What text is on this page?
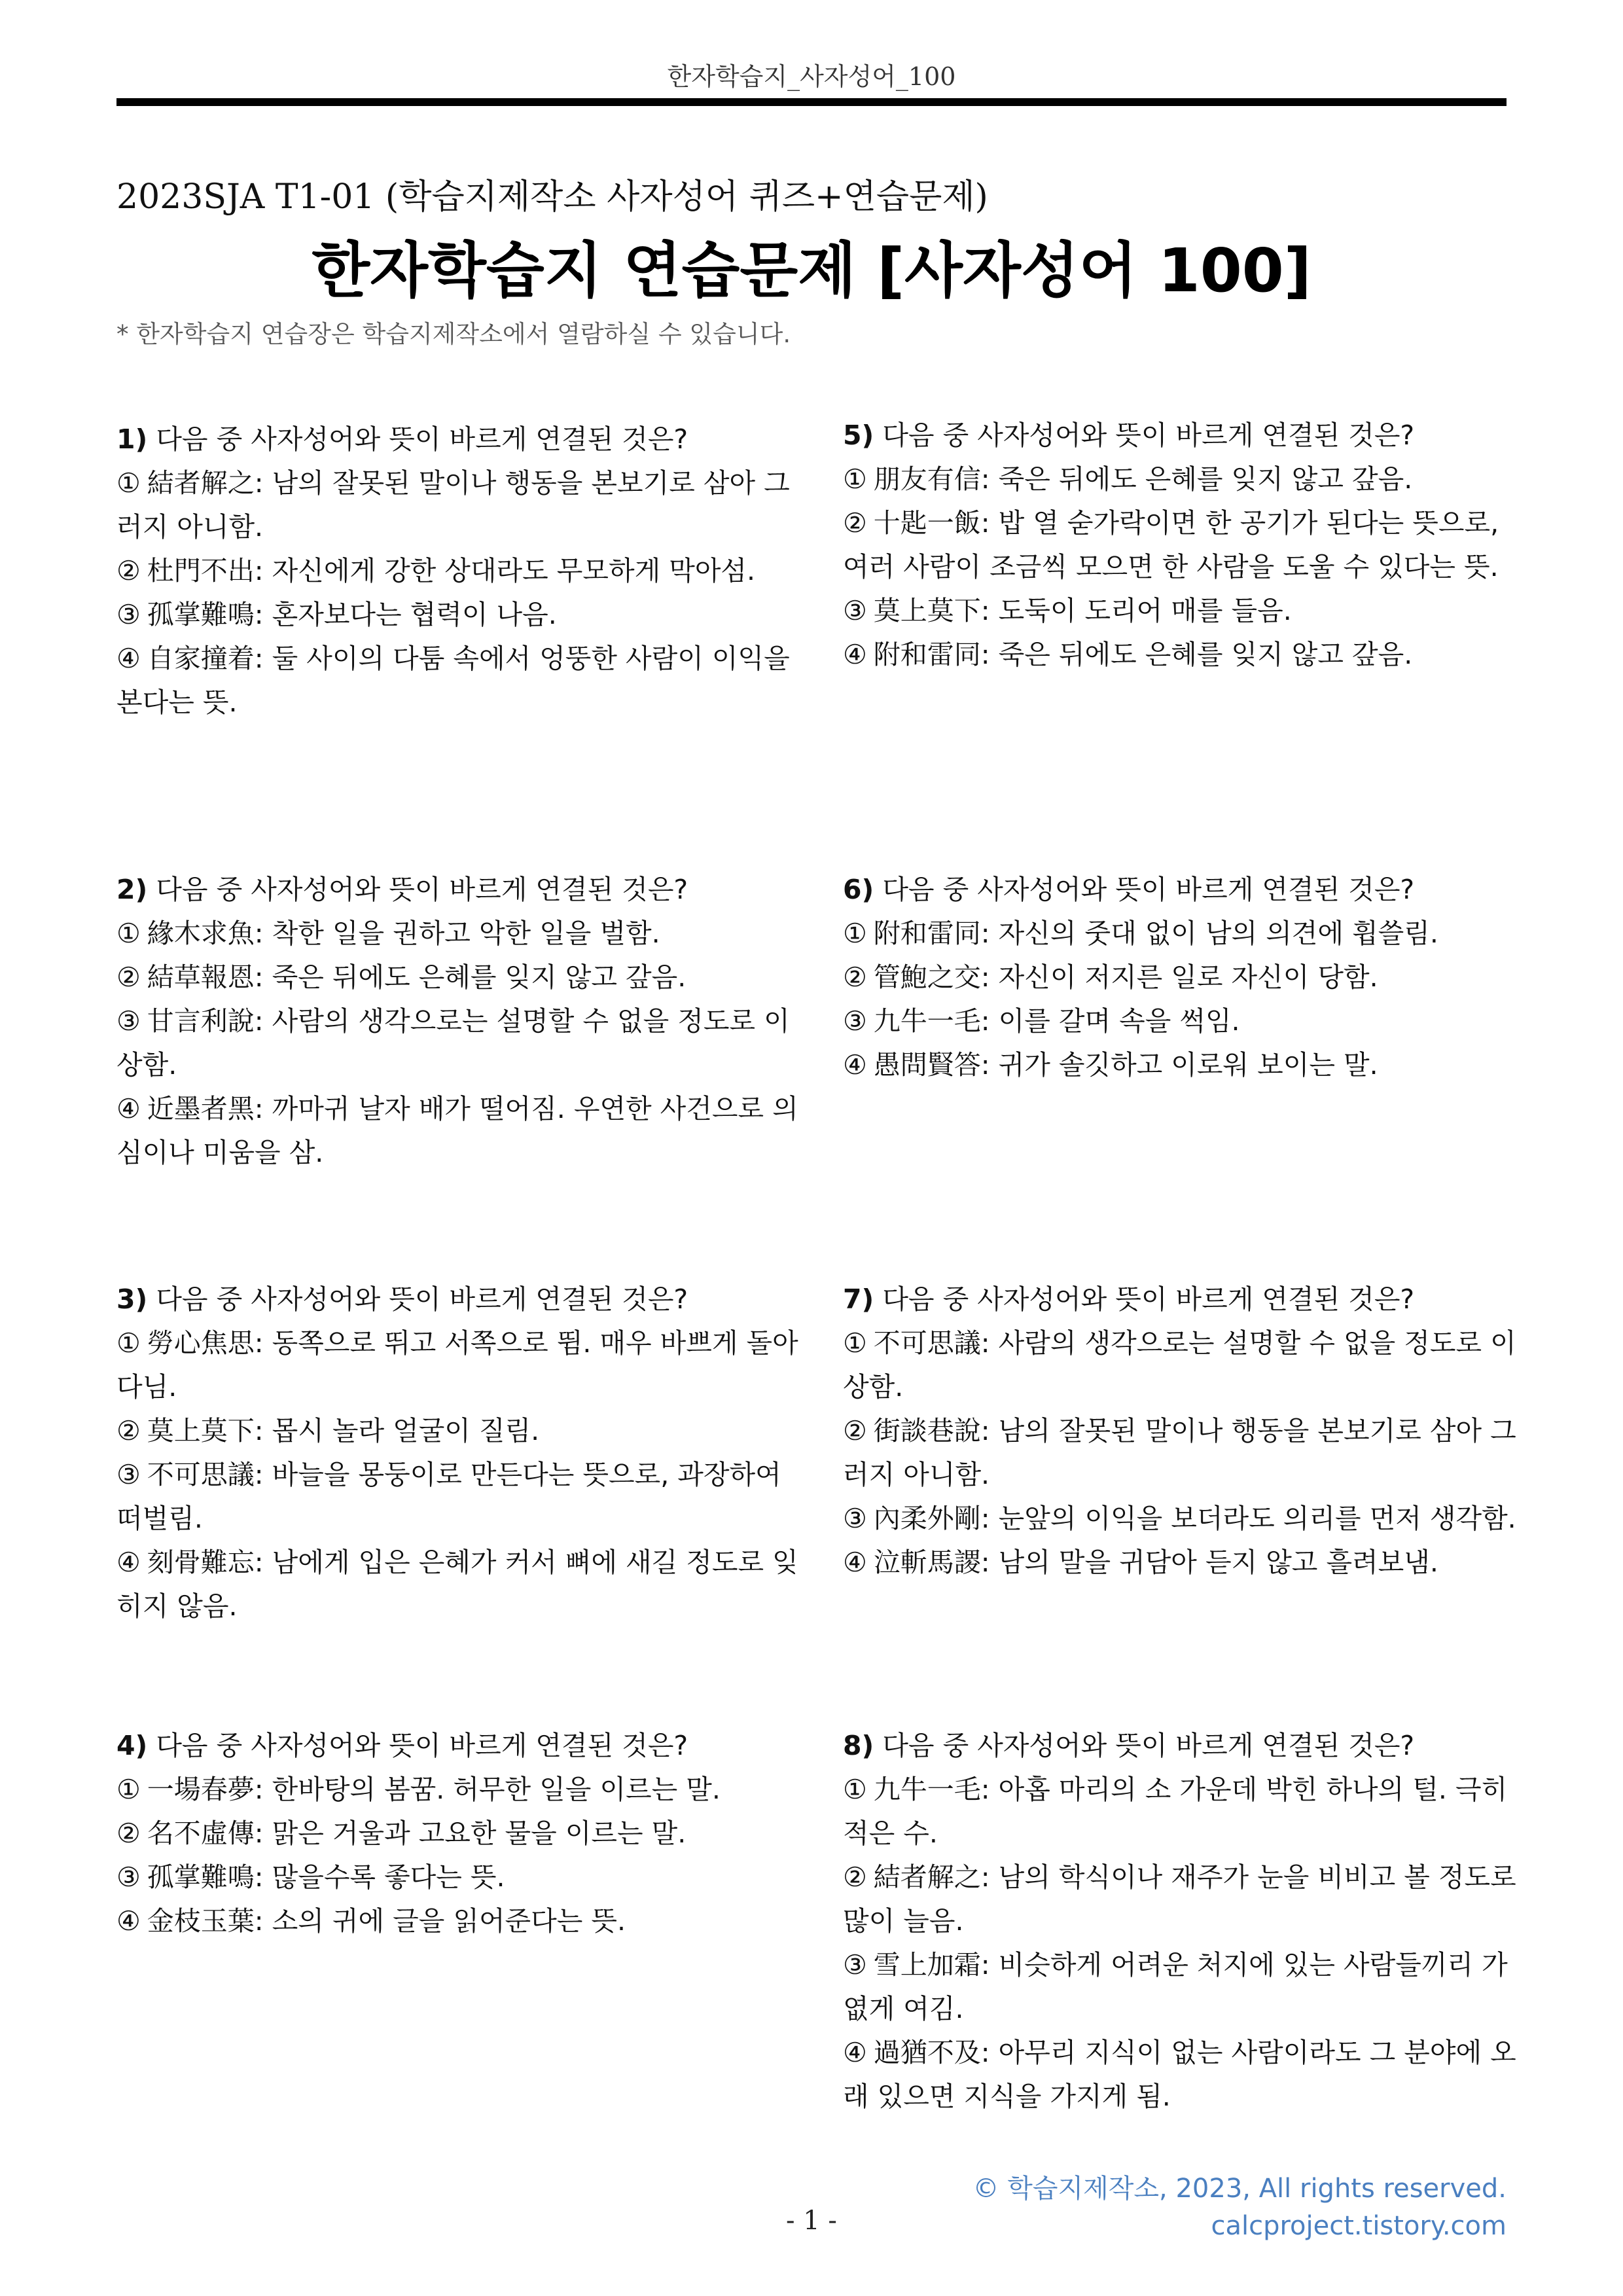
한자학습지_사자성어_100
2023SJA T1-01 (학습지제작소 사자성어 퀴즈+연습문제)
한자학습지 연습문제 [사자성어 100]
* 한자학습지 연습장은 학습지제작소에서 열람하실 수 있습니다.

1) 다음 중 사자성어와 뜻이 바르게 연결된 것은?

① 結者解之: 남의 잘못된 말이나 행동을 본보기로 삼아 그러지 아니함.

② 杜門不出: 자신에게 강한 상대라도 무모하게 막아섬.

③ 孤掌難鳴: 혼자보다는 협력이 나음.

④ 自家撞着: 둘 사이의 다툼 속에서 엉뚱한 사람이 이익을 본다는 뜻.

2) 다음 중 사자성어와 뜻이 바르게 연결된 것은?

① 緣木求魚: 착한 일을 권하고 악한 일을 벌함.

② 結草報恩: 죽은 뒤에도 은혜를 잊지 않고 갚음.

③ 甘言利說: 사람의 생각으로는 설명할 수 없을 정도로 이상함.

④ 近墨者黑: 까마귀 날자 배가 떨어짐. 우연한 사건으로 의심이나 미움을 삼.

3) 다음 중 사자성어와 뜻이 바르게 연결된 것은?

① 勞心焦思: 동쪽으로 뛰고 서쪽으로 뜀. 매우 바쁘게 돌아다님.

② 莫上莫下: 몹시 놀라 얼굴이 질림.

③ 不可思議: 바늘을 몽둥이로 만든다는 뜻으로, 과장하여 떠벌림.

④ 刻骨難忘: 남에게 입은 은혜가 커서 뼈에 새길 정도로 잊히지 않음.

4) 다음 중 사자성어와 뜻이 바르게 연결된 것은?

① 一場春夢: 한바탕의 봄꿈. 허무한 일을 이르는 말.

② 名不虛傳: 맑은 거울과 고요한 물을 이르는 말.

③ 孤掌難鳴: 많을수록 좋다는 뜻.

④ 金枝玉葉: 소의 귀에 글을 읽어준다는 뜻.

5) 다음 중 사자성어와 뜻이 바르게 연결된 것은?

① 朋友有信: 죽은 뒤에도 은혜를 잊지 않고 갚음.

② 十匙一飯: 밥 열 숟가락이면 한 공기가 된다는 뜻으로, 여러 사람이 조금씩 모으면 한 사람을 도울 수 있다는 뜻.

③ 莫上莫下: 도둑이 도리어 매를 들음.

④ 附和雷同: 죽은 뒤에도 은혜를 잊지 않고 갚음.

6) 다음 중 사자성어와 뜻이 바르게 연결된 것은?

① 附和雷同: 자신의 줏대 없이 남의 의견에 휩쓸림.

② 管鮑之交: 자신이 저지른 일로 자신이 당함.

③ 九牛一毛: 이를 갈며 속을 썩임.

④ 愚問賢答: 귀가 솔깃하고 이로워 보이는 말.

7) 다음 중 사자성어와 뜻이 바르게 연결된 것은?

① 不可思議: 사람의 생각으로는 설명할 수 없을 정도로 이상함.

② 街談巷說: 남의 잘못된 말이나 행동을 본보기로 삼아 그러지 아니함.

③ 內柔外剛: 눈앞의 이익을 보더라도 의리를 먼저 생각함.

④ 泣斬馬謖: 남의 말을 귀담아 듣지 않고 흘려보냄.

8) 다음 중 사자성어와 뜻이 바르게 연결된 것은?

① 九牛一毛: 아홉 마리의 소 가운데 박힌 하나의 털. 극히 적은 수.

② 結者解之: 남의 학식이나 재주가 눈을 비비고 볼 정도로 많이 늘음.

③ 雪上加霜: 비슷하게 어려운 처지에 있는 사람들끼리 가엾게 여김.

④ 過猶不及: 아무리 지식이 없는 사람이라도 그 분야에 오래 있으면 지식을 가지게 됨.

© 학습지제작소, 2023, All rights reserved.
calcproject.tistory.com
- 1 -
